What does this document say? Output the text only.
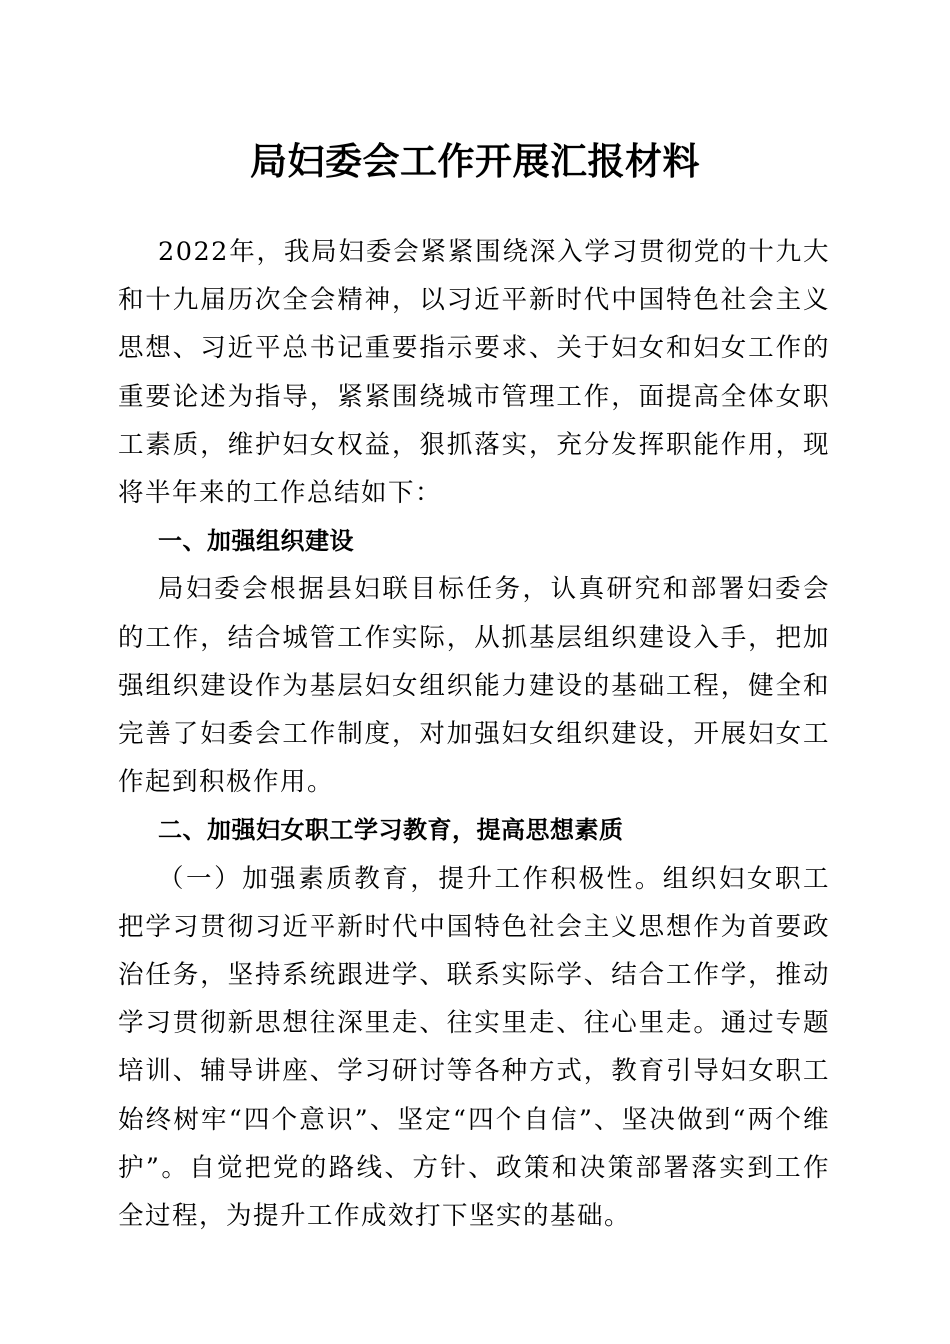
局妇委会工作开展汇报材料

2022年，我局妇委会紧紧围绕深入学习贯彻党的十九大和十九届历次全会精神，以习近平新时代中国特色社会主义思想、习近平总书记重要指示要求、关于妇女和妇女工作的重要论述为指导，紧紧围绕城市管理工作，面提高全体女职工素质，维护妇女权益，狠抓落实，充分发挥职能作用，现将半年来的工作总结如下：

一、加强组织建设

局妇委会根据县妇联目标任务，认真研究和部署妇委会的工作，结合城管工作实际，从抓基层组织建设入手，把加强组织建设作为基层妇女组织能力建设的基础工程，健全和完善了妇委会工作制度，对加强妇女组织建设，开展妇女工作起到积极作用。

二、加强妇女职工学习教育，提高思想素质

（一）加强素质教育，提升工作积极性。组织妇女职工把学习贯彻习近平新时代中国特色社会主义思想作为首要政治任务，坚持系统跟进学、联系实际学、结合工作学，推动学习贯彻新思想往深里走、往实里走、往心里走。通过专题培训、辅导讲座、学习研讨等各种方式，教育引导妇女职工始终树牢“四个意识”、坚定“四个自信”、坚决做到“两个维护”。自觉把党的路线、方针、政策和决策部署落实到工作全过程，为提升工作成效打下坚实的基础。
